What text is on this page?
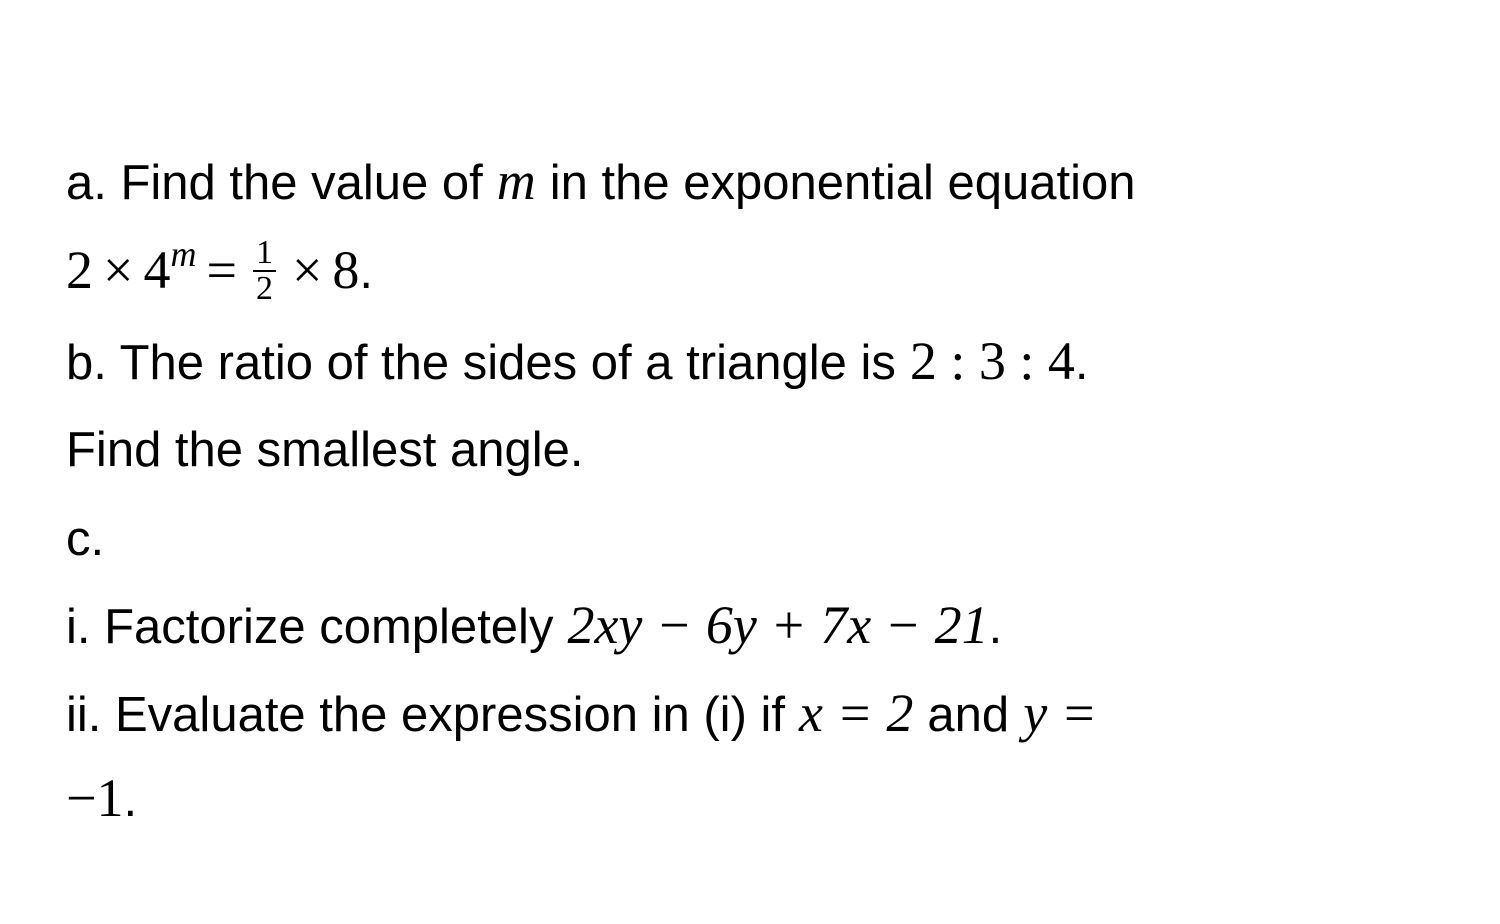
a. Find the value of m in the exponential equation
$2 \times 4^m = \frac{1}{2} \times 8$.
b. The ratio of the sides of a triangle is 2 : 3 : 4.
Find the smallest angle.
c.
i. Factorize completely 2xy − 6y + 7x − 21.
ii. Evaluate the expression in (i) if x = 2 and y =
−1.
